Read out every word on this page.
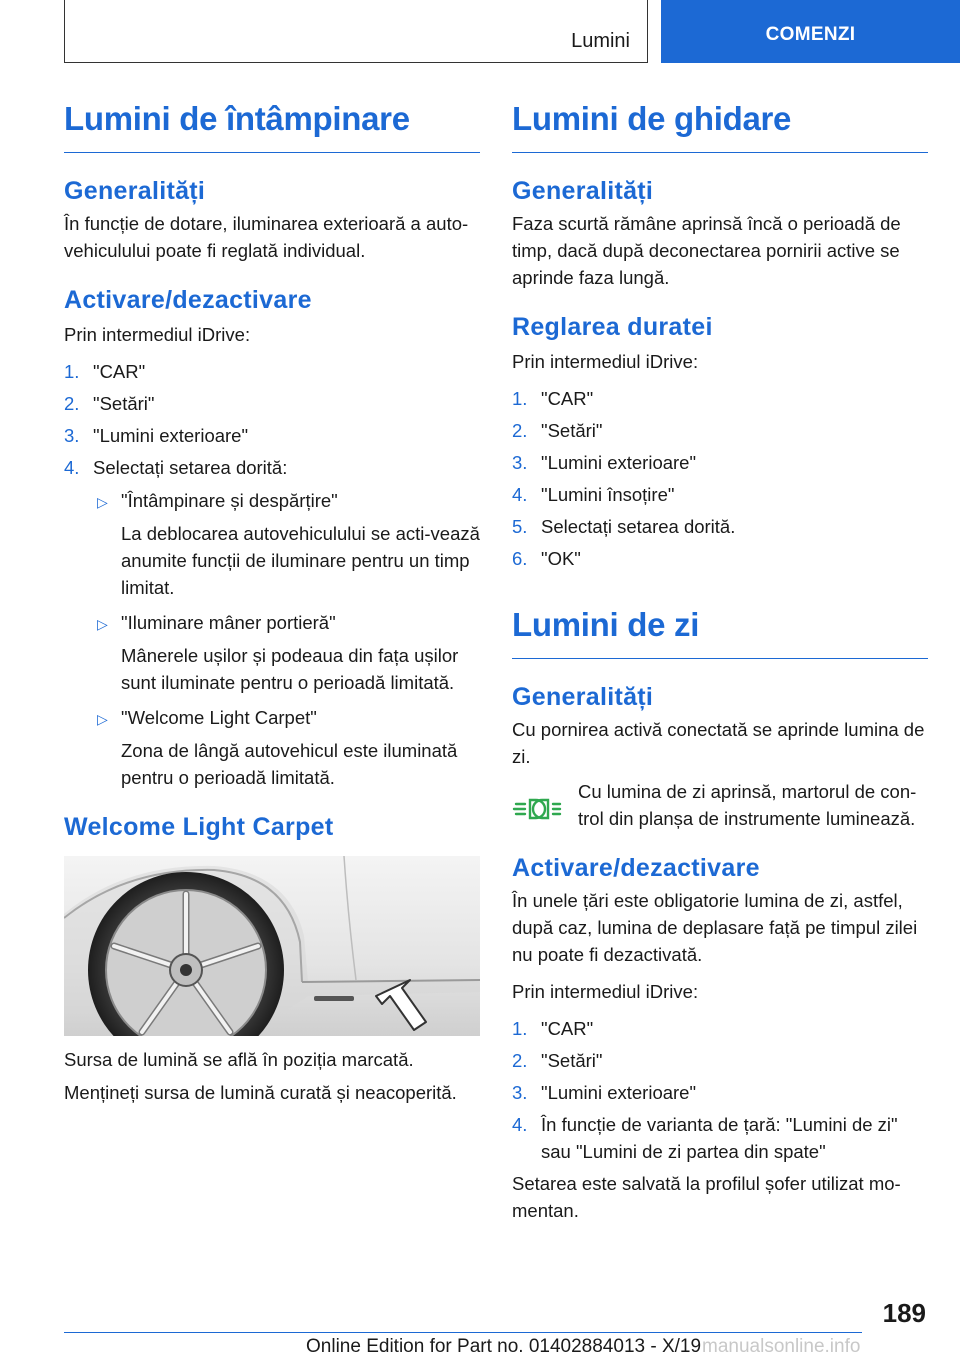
Lumini	COMENZI
Lumini de întâmpinare
Generalități

În funcție de dotare, iluminarea exterioară a auto-vehiculului poate fi reglată individual.

Activare/dezactivare

Prin intermediul iDrive:

1. "CAR"
2. "Setări"
3. "Lumini exterioare"
4. Selectați setarea dorită:
▷ "Întâmpinare și despărțire"
La deblocarea autovehiculului se acti-vează anumite funcții de iluminare pentru un timp limitat.
▷ "Iluminare mâner portieră"
Mânerele ușilor și podeaua din fața ușilor sunt iluminate pentru o perioadă limitată.
▷ "Welcome Light Carpet"
Zona de lângă autovehicul este iluminată pentru o perioadă limitată.
Welcome Light Carpet

Sursa de lumină se află în poziția marcată.

Mențineți sursa de lumină curată și neacoperită.

Lumini de ghidare
Generalități

Faza scurtă rămâne aprinsă încă o perioadă de timp, dacă după deconectarea pornirii active se aprinde faza lungă.

Reglarea duratei

Prin intermediul iDrive:

1. "CAR"
2. "Setări"
3. "Lumini exterioare"
4. "Lumini însoțire"
5. Selectați setarea dorită.
6. "OK"
Lumini de zi
Generalități

Cu pornirea activă conectată se aprinde lumina de zi.

Cu lumina de zi aprinsă, martorul de con-trol din planșa de instrumente luminează.

Activare/dezactivare

În unele țări este obligatorie lumina de zi, astfel, după caz, lumina de deplasare față pe timpul zilei nu poate fi dezactivată.

Prin intermediul iDrive:

1. "CAR"
2. "Setări"
3. "Lumini exterioare"
4. În funcție de varianta de țară: "Lumini de zi" sau "Lumini de zi partea din spate"

Setarea este salvată la profilul șofer utilizat mo-mentan.

189
Online Edition for Part no. 01402884013 - X/19 manualsonline.info
